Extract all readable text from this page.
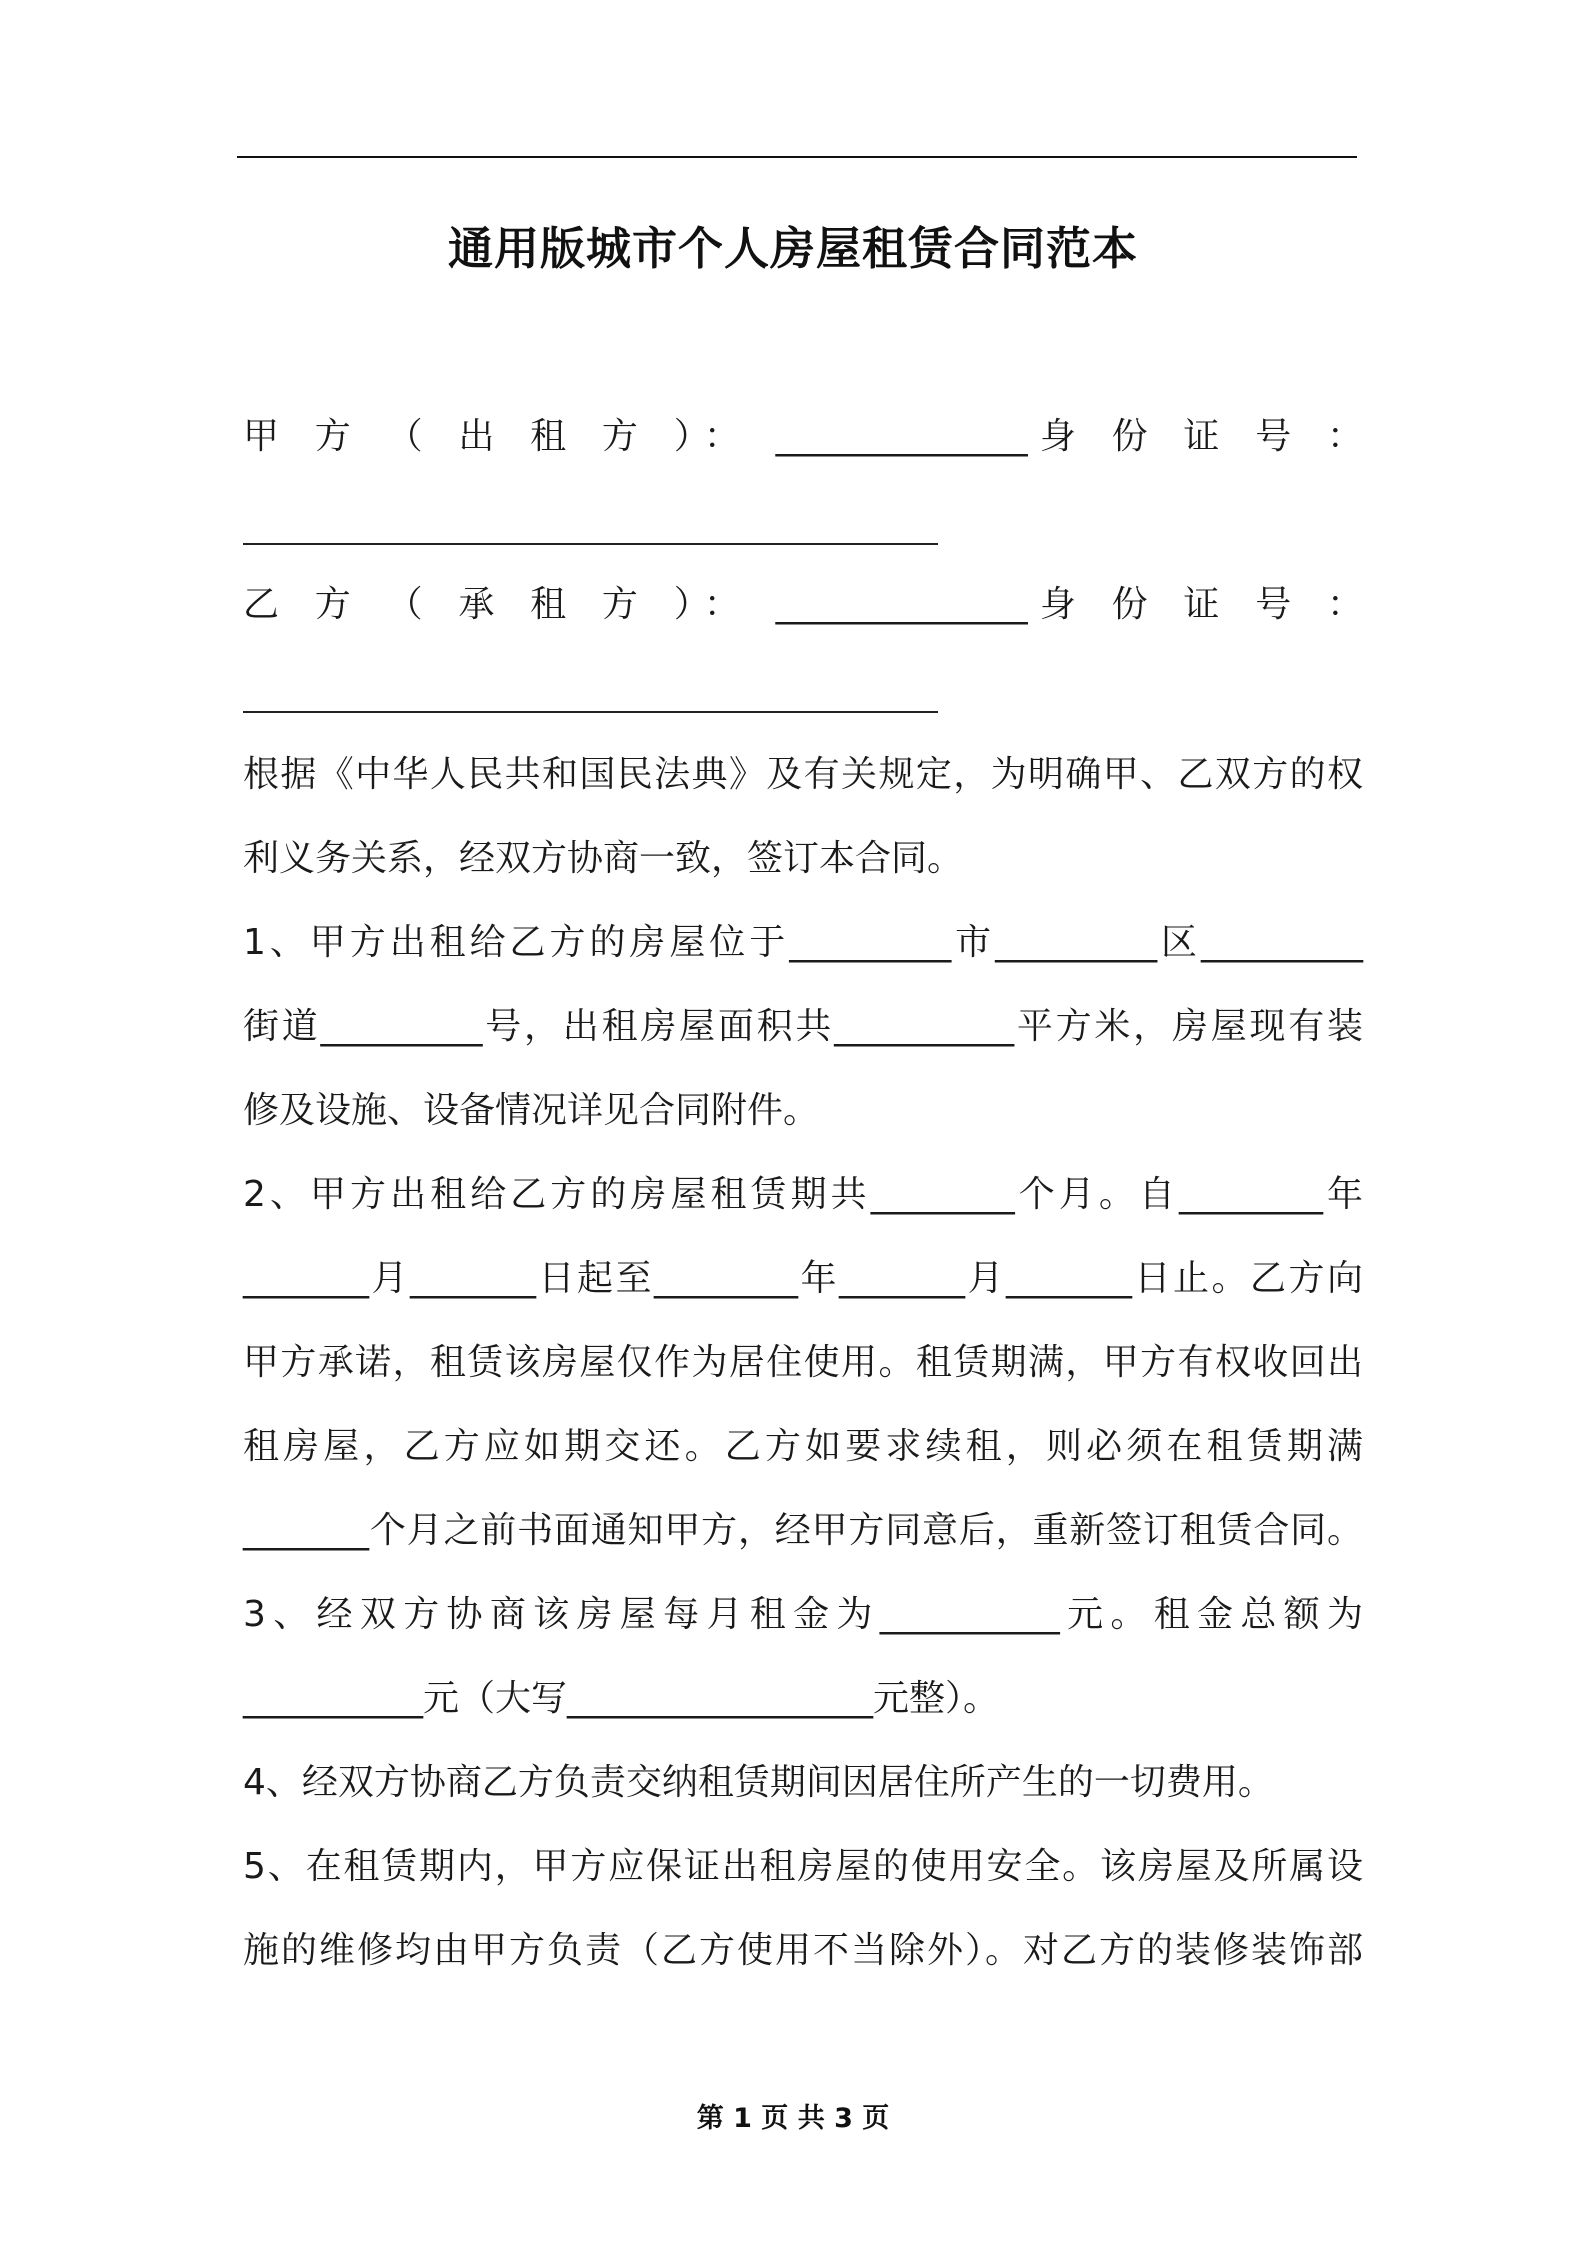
通用版城市个人房屋租赁合同范本
甲 方 （ 出 租 方 ）： ______________身 份 证 号 ：
乙 方 （ 承 租 方 ）： ______________身 份 证 号 ：
根据《中华人民共和国民法典》及有关规定，为明确甲、乙双方的权
利义务关系，经双方协商一致，签订本合同。
1、甲方出租给乙方的房屋位于_________市_________区_________
街道_________号，出租房屋面积共__________平方米，房屋现有装
修及设施、设备情况详见合同附件。
2、甲方出租给乙方的房屋租赁期共________个月。自________年
_______月_______日起至________年_______月_______日止。乙方向
甲方承诺，租赁该房屋仅作为居住使用。租赁期满，甲方有权收回出
租房屋，乙方应如期交还。乙方如要求续租，则必须在租赁期满
_______个月之前书面通知甲方，经甲方同意后，重新签订租赁合同。
3、经双方协商该房屋每月租金为__________元。租金总额为
__________元（大写_________________元整）。
4、经双方协商乙方负责交纳租赁期间因居住所产生的一切费用。
5、在租赁期内，甲方应保证出租房屋的使用安全。该房屋及所属设
施的维修均由甲方负责（乙方使用不当除外）。对乙方的装修装饰部
第 1 页 共 3 页
